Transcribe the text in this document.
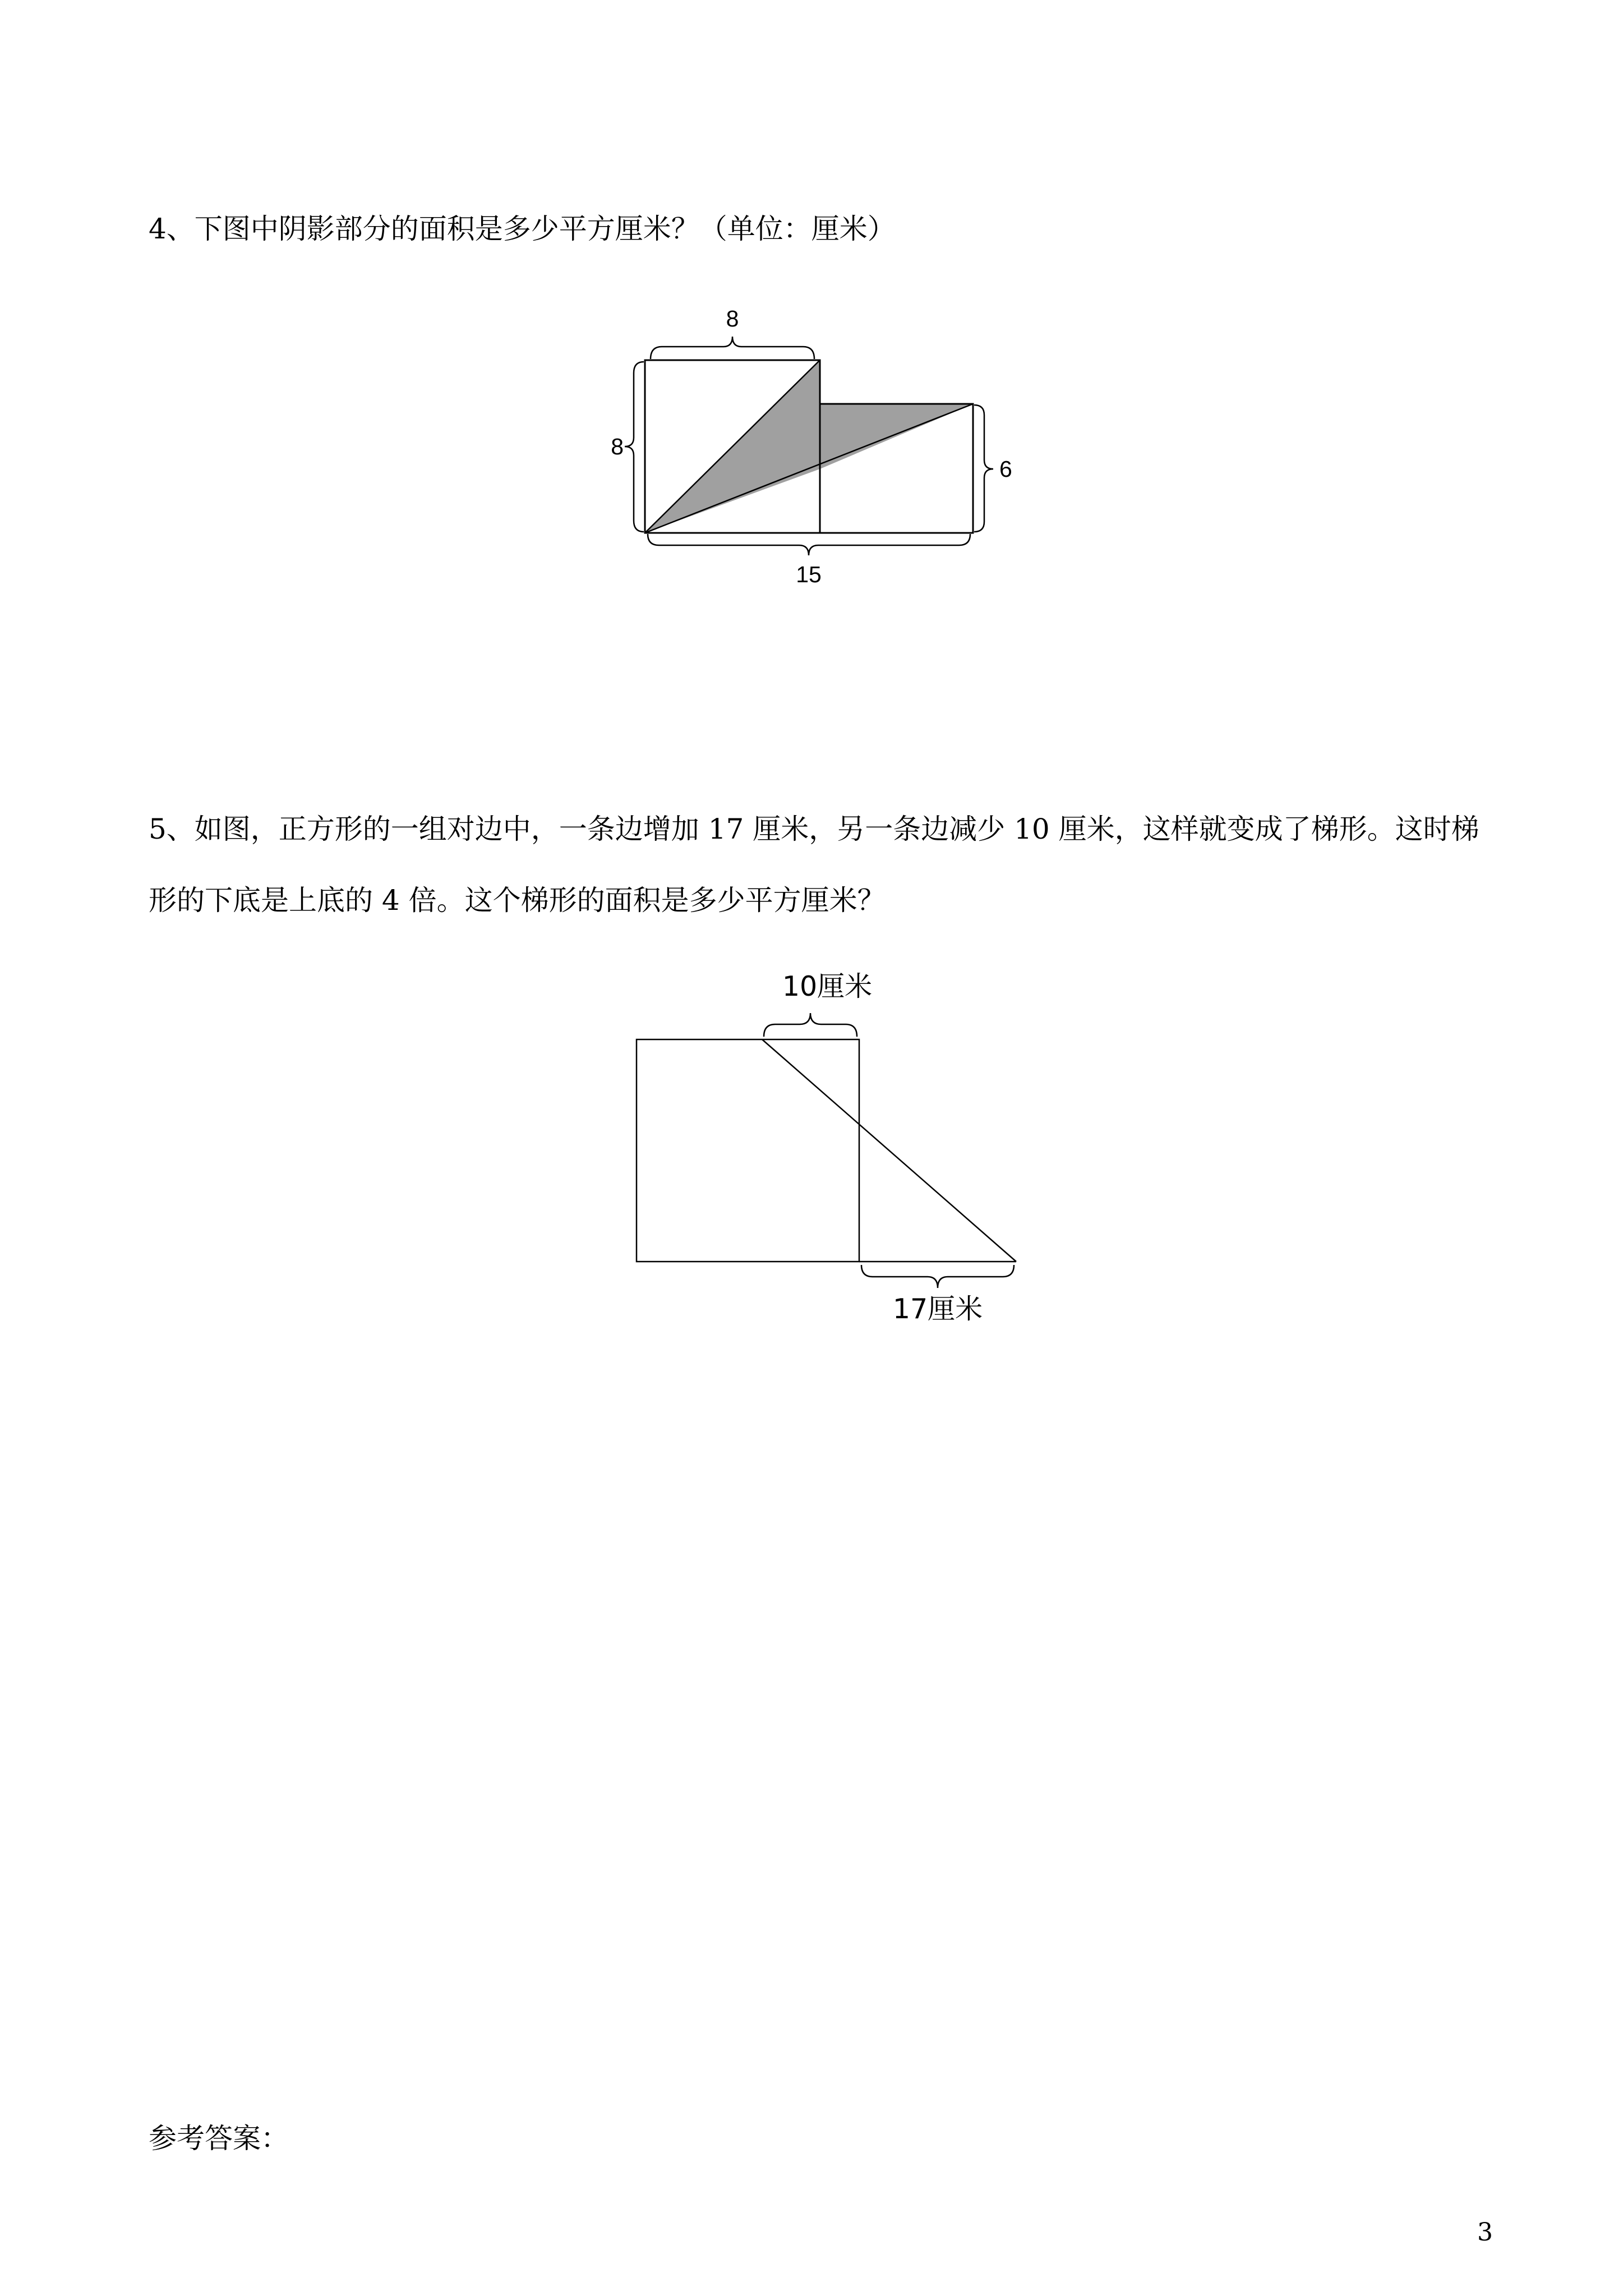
4、下图中阴影部分的面积是多少平方厘米？（单位：厘米）
8
8
6
15
5、如图，正方形的一组对边中，一条边增加 17 厘米，另一条边减少 10 厘米，这样就变成了梯形。这时梯
形的下底是上底的 4 倍。这个梯形的面积是多少平方厘米？
10厘米
17厘米
参考答案：
3
